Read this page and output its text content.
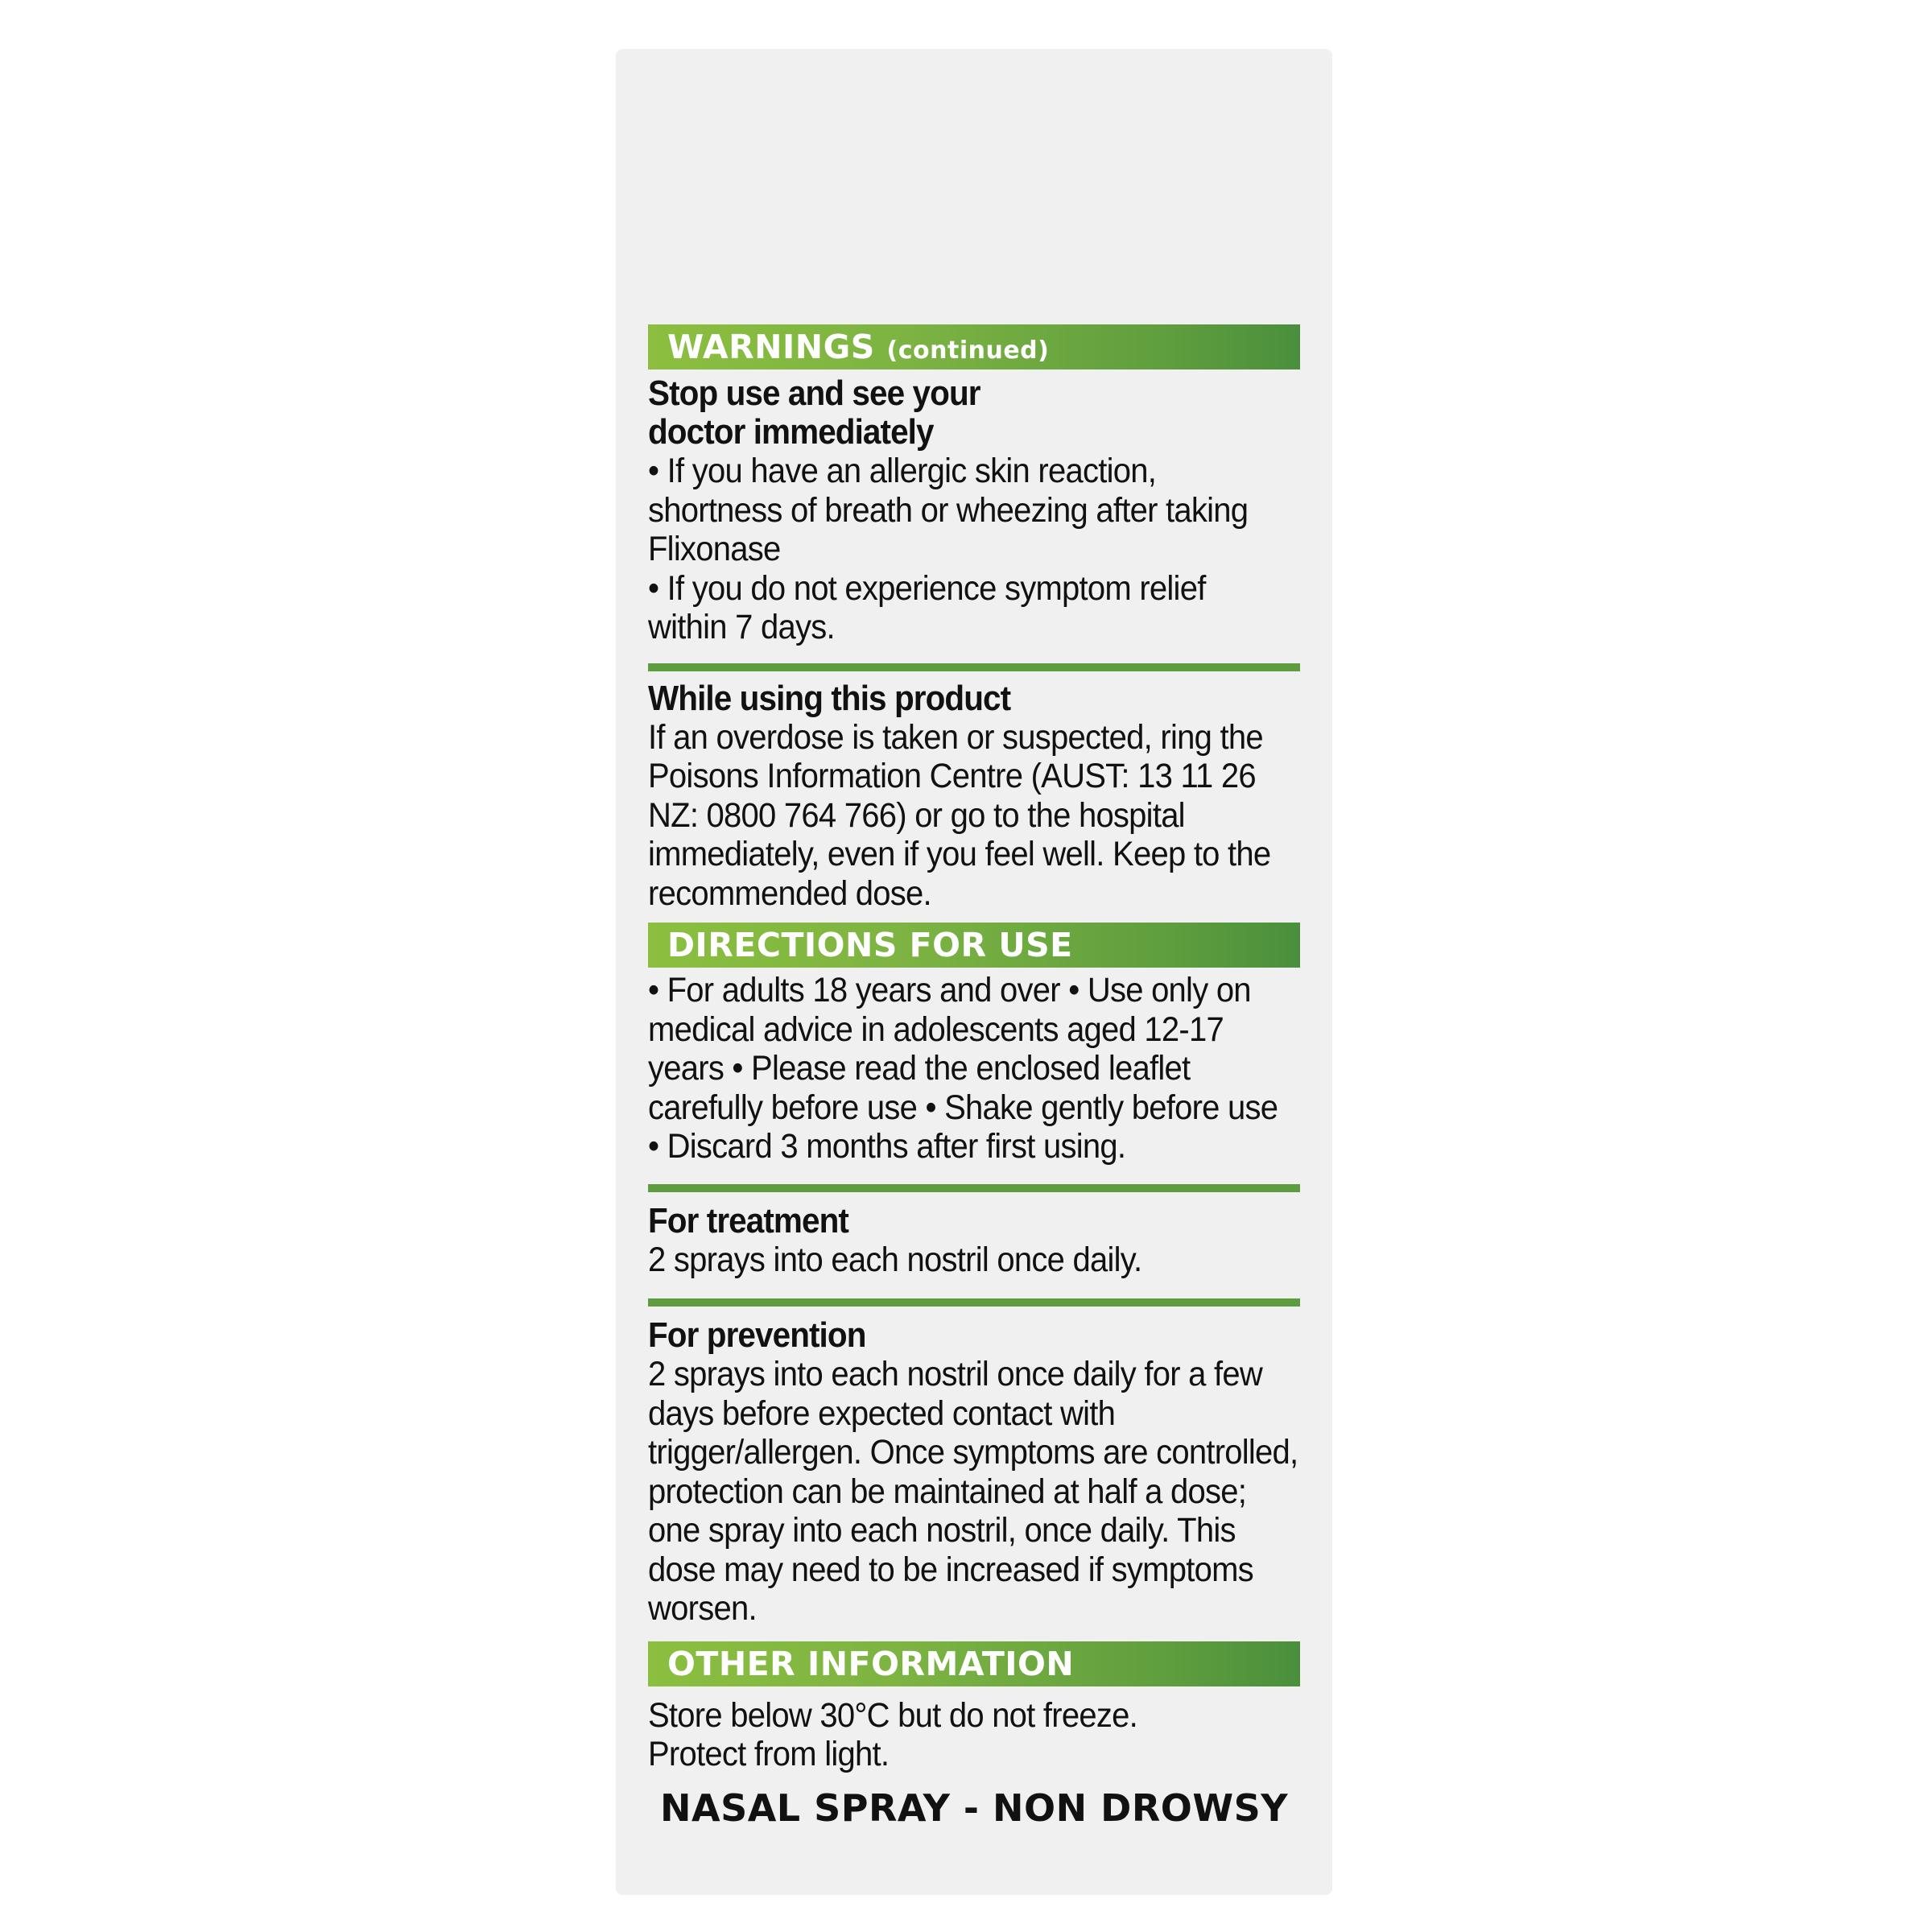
WARNINGS (continued)
Stop use and see your doctor immediately

• If you have an allergic skin reaction, shortness of breath or wheezing after taking Flixonase

• If you do not experience symptom relief within 7 days.

While using this product
If an overdose is taken or suspected, ring the Poisons Information Centre (AUST: 13 11 26 NZ: 0800 764 766) or go to the hospital immediately, even if you feel well. Keep to the recommended dose.
DIRECTIONS FOR USE
• For adults 18 years and over • Use only on medical advice in adolescents aged 12-17 years • Please read the enclosed leaflet carefully before use • Shake gently before use • Discard 3 months after first using.
For treatment
2 sprays into each nostril once daily.
For prevention
2 sprays into each nostril once daily for a few days before expected contact with trigger/allergen. Once symptoms are controlled, protection can be maintained at half a dose; one spray into each nostril, once daily. This dose may need to be increased if symptoms worsen.
OTHER INFORMATION
Store below 30°C but do not freeze. Protect from light.
NASAL SPRAY - NON DROWSY
